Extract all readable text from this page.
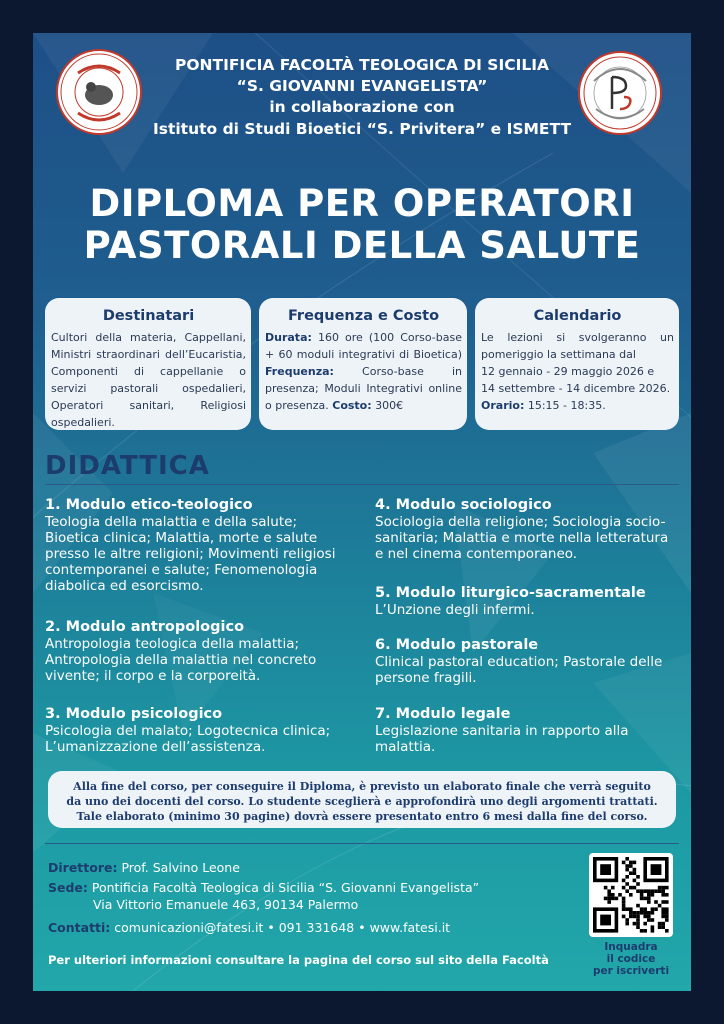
PONTIFICIA FACOLTÀ TEOLOGICA DI SICILIA
“S. GIOVANNI EVANGELISTA”
in collaborazione con
Istituto di Studi Bioetici “S. Privitera” e ISMETT
DIPLOMA PER OPERATORI
PASTORALI DELLA SALUTE
Destinatari
Cultori della materia, Cappellani, Ministri straordinari dell’Eucaristia, Componenti di cappellanie o servizi pastorali ospedalieri, Operatori sanitari, Religiosi ospedalieri.
Frequenza e Costo
Durata: 160 ore (100 Corso-base + 60 moduli integrativi di Bioetica) Frequenza: Corso-base in presenza; Moduli Integrativi online o presenza. Costo: 300€
Calendario
Le lezioni si svolgeranno un pomeriggio la settimana dal
12 gennaio - 29 maggio 2026 e
14 settembre - 14 dicembre 2026.
Orario: 15:15 - 18:35.
DIDATTICA
1. Modulo etico-teologico
Teologia della malattia e della salute; Bioetica clinica; Malattia, morte e salute presso le altre religioni; Movimenti religiosi contemporanei e salute; Fenomenologia diabolica ed esorcismo.
2. Modulo antropologico
Antropologia teologica della malattia; Antropologia della malattia nel concreto vivente; il corpo e la corporeità.
3. Modulo psicologico
Psicologia del malato; Logotecnica clinica; L’umanizzazione dell’assistenza.
4. Modulo sociologico
Sociologia della religione; Sociologia socio-sanitaria; Malattia e morte nella letteratura e nel cinema contemporaneo.
5. Modulo liturgico-sacramentale
L’Unzione degli infermi.
6. Modulo pastorale
Clinical pastoral education; Pastorale delle persone fragili.
7. Modulo legale
Legislazione sanitaria in rapporto alla malattia.
Alla fine del corso, per conseguire il Diploma, è previsto un elaborato finale che verrà seguito
da uno dei docenti del corso. Lo studente sceglierà e approfondirà uno degli argomenti trattati.
Tale elaborato (minimo 30 pagine) dovrà essere presentato entro 6 mesi dalla fine del corso.
Direttore: Prof. Salvino Leone
Sede: Pontificia Facoltà Teologica di Sicilia “S. Giovanni Evangelista”
Via Vittorio Emanuele 463, 90134 Palermo
Contatti: comunicazioni@fatesi.it • 091 331648 • www.fatesi.it
Inquadra
il codice
per iscriverti
Per ulteriori informazioni consultare la pagina del corso sul sito della Facoltà
